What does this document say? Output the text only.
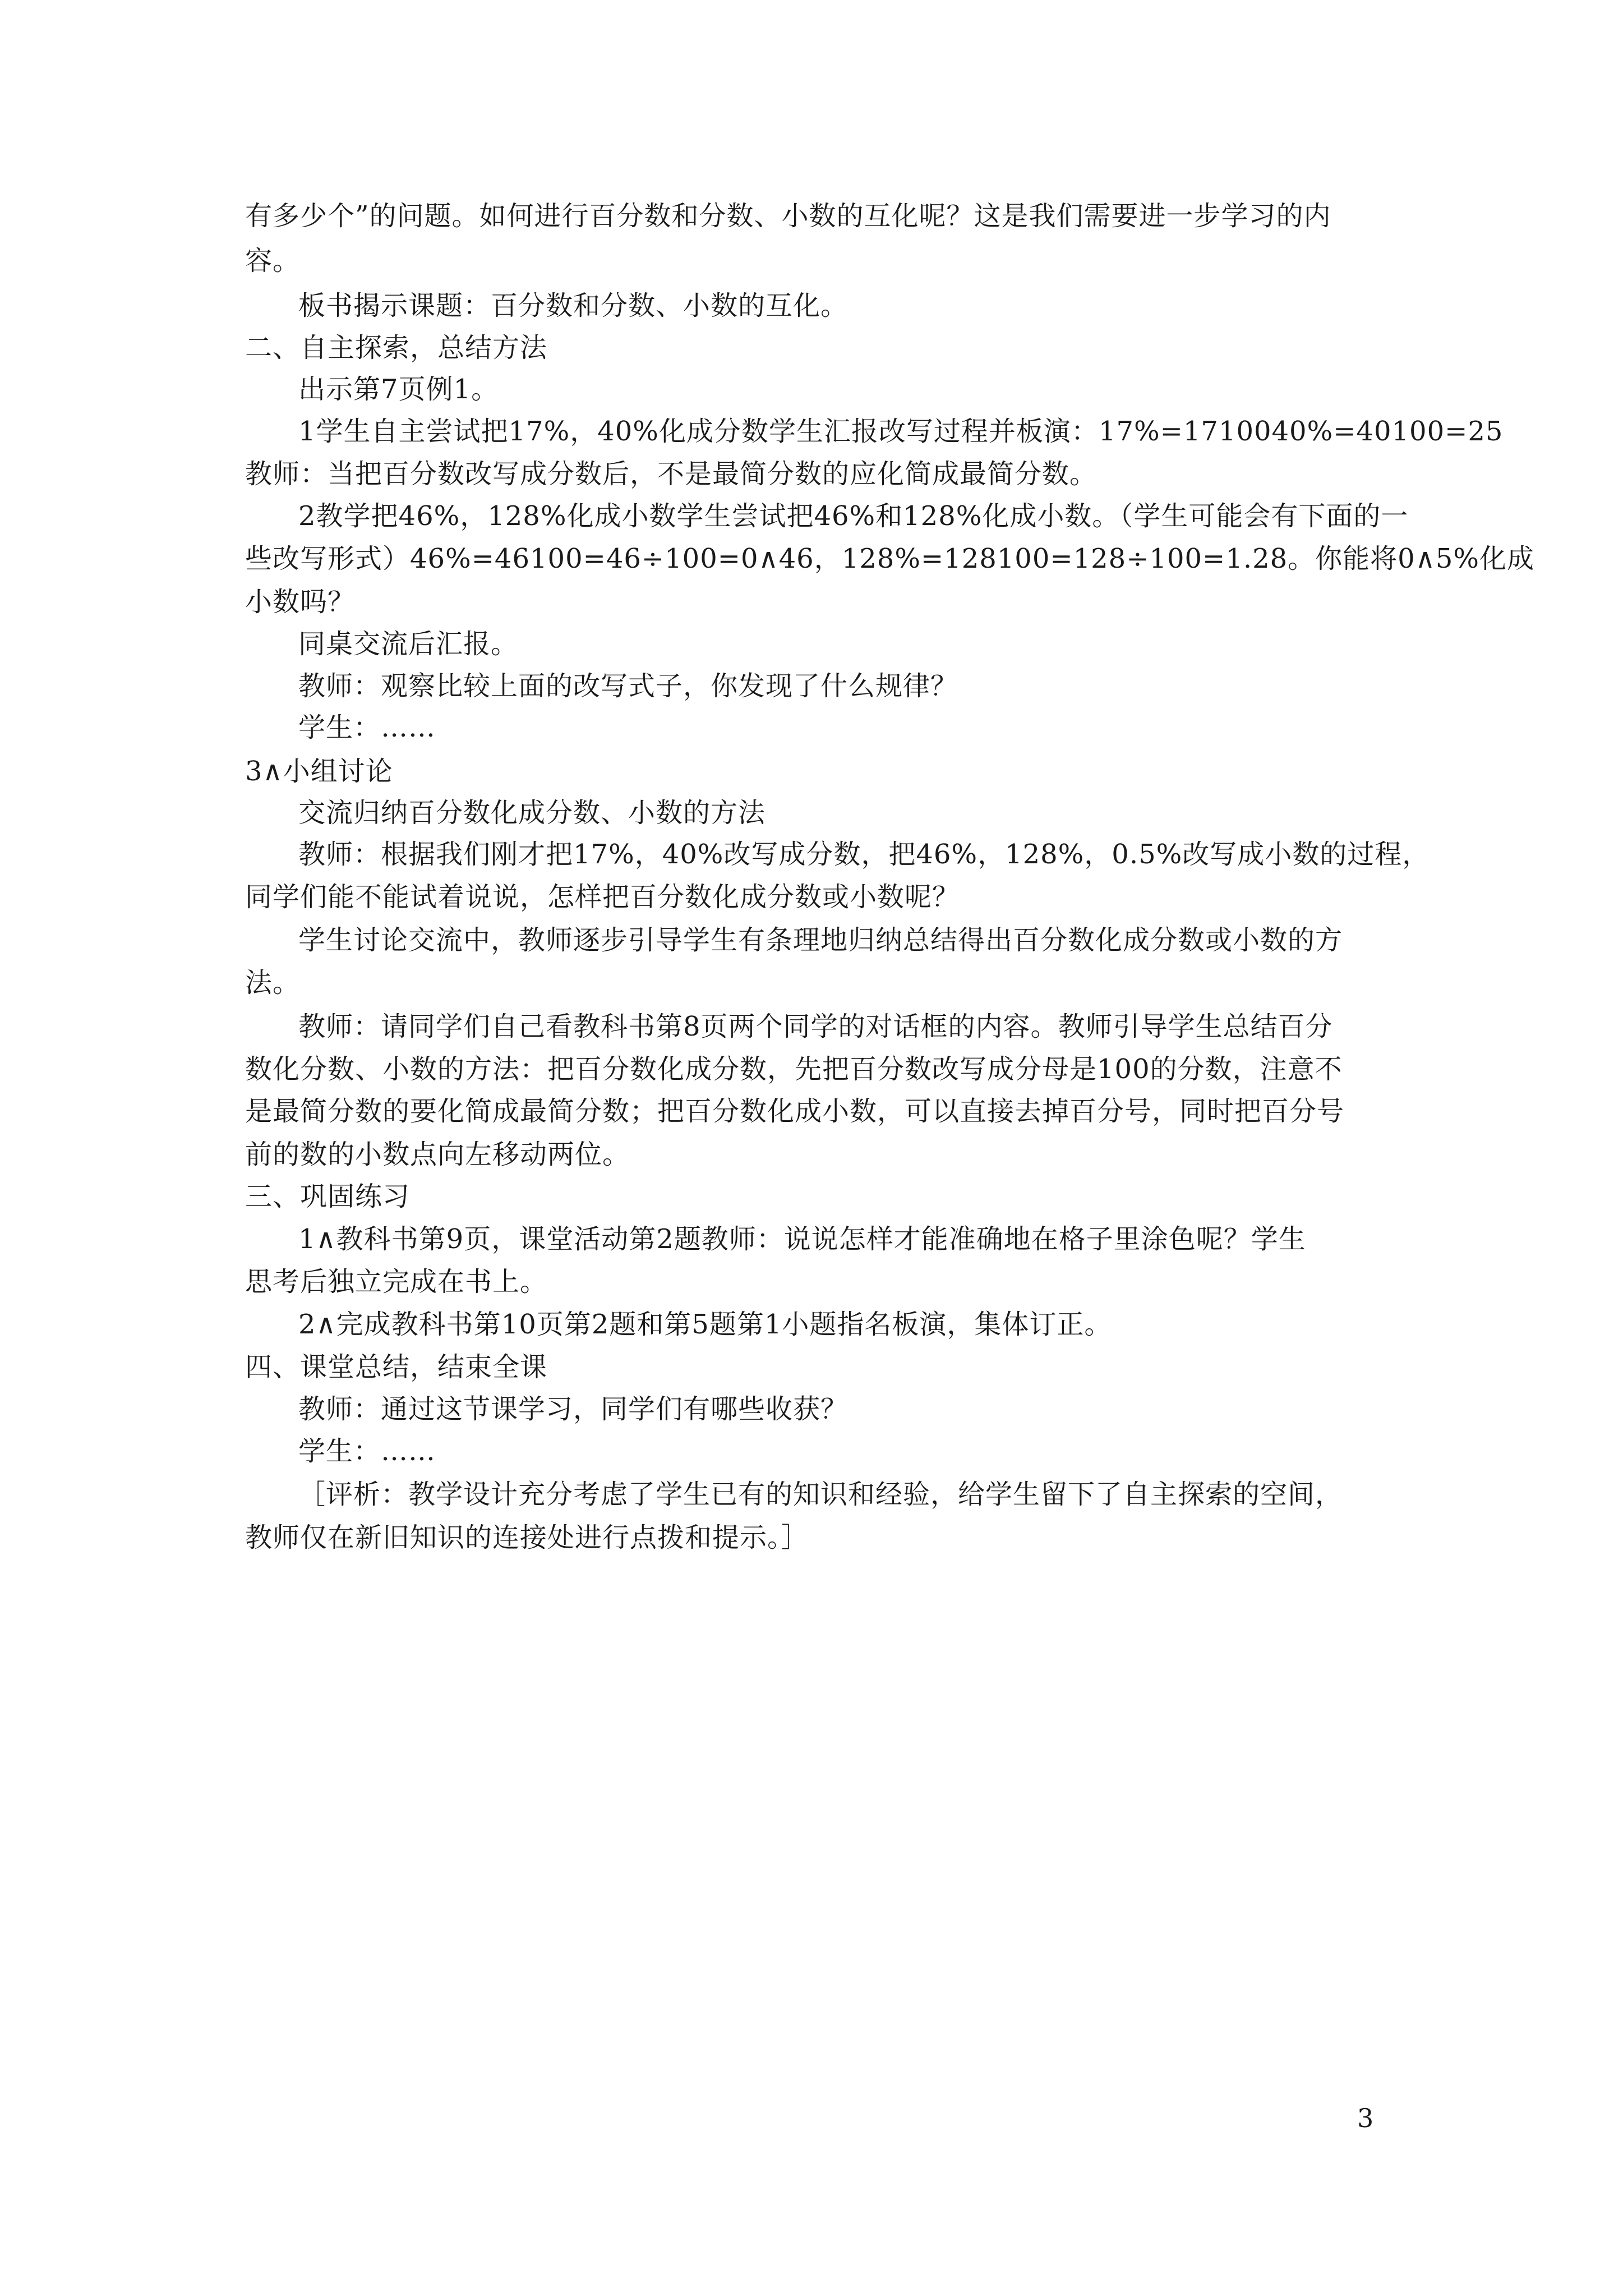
有多少个”的问题。如何进行百分数和分数、小数的互化呢？这是我们需要进一步学习的内
容。
板书揭示课题：百分数和分数、小数的互化。
二、自主探索，总结方法
出示第7页例1。
1学生自主尝试把17%，40%化成分数学生汇报改写过程并板演：17%=1710040%=40100=25
教师：当把百分数改写成分数后，不是最简分数的应化简成最简分数。
2教学把46%，128%化成小数学生尝试把46%和128%化成小数。（学生可能会有下面的一
些改写形式）46%=46100=46÷100=0∧46，128%=128100=128÷100=1.28。你能将0∧5%化成
小数吗？
同桌交流后汇报。
教师：观察比较上面的改写式子，你发现了什么规律？
学生：……
3∧小组讨论
交流归纳百分数化成分数、小数的方法
教师：根据我们刚才把17%，40%改写成分数，把46%，128%，0.5%改写成小数的过程，
同学们能不能试着说说，怎样把百分数化成分数或小数呢？
学生讨论交流中，教师逐步引导学生有条理地归纳总结得出百分数化成分数或小数的方
法。
教师：请同学们自己看教科书第8页两个同学的对话框的内容。教师引导学生总结百分
数化分数、小数的方法：把百分数化成分数，先把百分数改写成分母是100的分数，注意不
是最简分数的要化简成最简分数；把百分数化成小数，可以直接去掉百分号，同时把百分号
前的数的小数点向左移动两位。
三、巩固练习
1∧教科书第9页，课堂活动第2题教师：说说怎样才能准确地在格子里涂色呢？学生
思考后独立完成在书上。
2∧完成教科书第10页第2题和第5题第1小题指名板演，集体订正。
四、课堂总结，结束全课
教师：通过这节课学习，同学们有哪些收获？
学生：……
［评析：教学设计充分考虑了学生已有的知识和经验，给学生留下了自主探索的空间，
教师仅在新旧知识的连接处进行点拨和提示。］
3
